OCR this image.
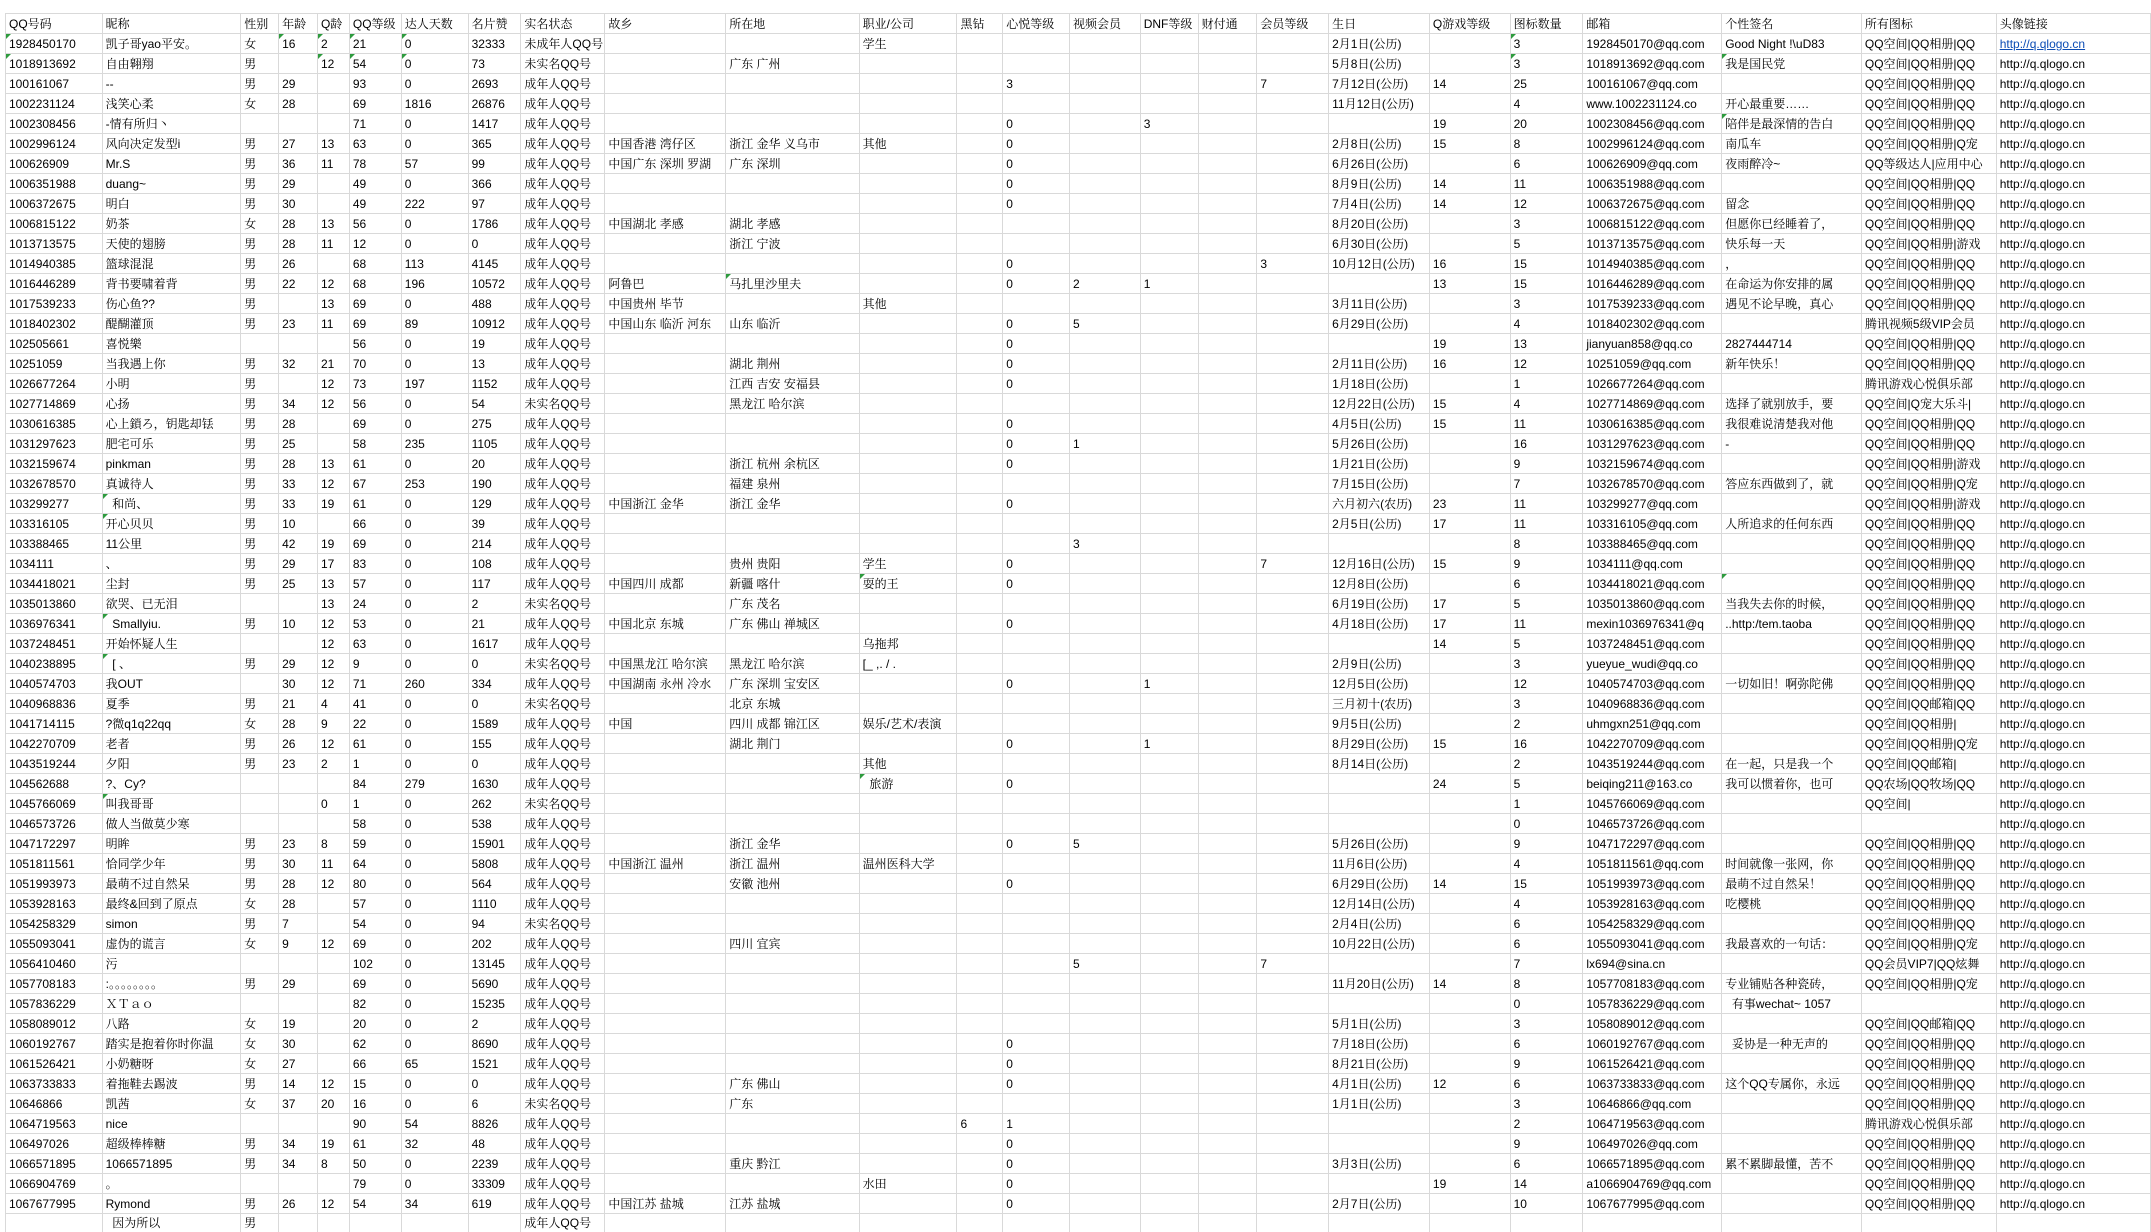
QQ号码	昵称	性别	年龄	Q龄	QQ等级	达人天数	名片赞	实名状态	故乡	所在地	职业/公司	黑钻	心悦等级	视频会员	DNF等级	财付通	会员等级	生日	Q游戏等级	图标数量	邮箱	个性签名	所有图标	头像链接
1928450170	凯子哥yao平安。	女	16	2	21	0	32333	未成年人QQ号			学生							2月1日(公历)		3	1928450170@qq.com	Good Night !\uD83	QQ空间|QQ相册|QQ	http://q.qlogo.cn
1018913692	自由翱翔	男		12	54	0	73	未实名QQ号		广东 广州								5月8日(公历)		3	1018913692@qq.com	我是国民党	QQ空间|QQ相册|QQ	http://q.qlogo.cn
100161067	--	男	29		93	0	2693	成年人QQ号					3				7	7月12日(公历)	14	25	100161067@qq.com		QQ空间|QQ相册|QQ	http://q.qlogo.cn
1002231124	浅笑心柔	女	28		69	1816	26876	成年人QQ号										11月12日(公历)		4	www.1002231124.co	开心最重要……	QQ空间|QQ相册|QQ	http://q.qlogo.cn
1002308456	-情有所归丶				71	0	1417	成年人QQ号					0		3				19	20	1002308456@qq.com	陪伴是最深情的告白	QQ空间|QQ相册|QQ	http://q.qlogo.cn
1002996124	风向决定发型i	男	27	13	63	0	365	成年人QQ号	中国香港 湾仔区	浙江 金华 义乌市	其他		0					2月8日(公历)	15	8	1002996124@qq.com	南瓜车	QQ空间|QQ相册|Q宠	http://q.qlogo.cn
100626909	Mr.S	男	36	11	78	57	99	成年人QQ号	中国广东 深圳 罗湖	广东 深圳			0					6月26日(公历)		6	100626909@qq.com	夜雨醉冷~	QQ等级达人|应用中心	http://q.qlogo.cn
1006351988	duang~	男	29		49	0	366	成年人QQ号					0					8月9日(公历)	14	11	1006351988@qq.com		QQ空间|QQ相册|QQ	http://q.qlogo.cn
1006372675	明白	男	30		49	222	97	成年人QQ号					0					7月4日(公历)	14	12	1006372675@qq.com	留念	QQ空间|QQ相册|QQ	http://q.qlogo.cn
1006815122	奶茶	女	28	13	56	0	1786	成年人QQ号	中国湖北 孝感	湖北 孝感								8月20日(公历)		3	1006815122@qq.com	但愿你已经睡着了，	QQ空间|QQ相册|QQ	http://q.qlogo.cn
1013713575	天使的翅膀	男	28	11	12	0	0	成年人QQ号		浙江 宁波								6月30日(公历)		5	1013713575@qq.com	快乐每一天	QQ空间|QQ相册|游戏	http://q.qlogo.cn
1014940385	篮球混混	男	26		68	113	4145	成年人QQ号					0				3	10月12日(公历)	16	15	1014940385@qq.com	，	QQ空间|QQ相册|QQ	http://q.qlogo.cn
1016446289	背书要啸着背	男	22	12	68	196	10572	成年人QQ号	阿鲁巴	马扎里沙里夫			0	2	1				13	15	1016446289@qq.com	在命运为你安排的属	QQ空间|QQ相册|QQ	http://q.qlogo.cn
1017539233	伤心鱼??	男		13	69	0	488	成年人QQ号	中国贵州 毕节		其他							3月11日(公历)		3	1017539233@qq.com	遇见不论早晚，真心	QQ空间|QQ相册|QQ	http://q.qlogo.cn
1018402302	醍醐灌顶	男	23	11	69	89	10912	成年人QQ号	中国山东 临沂 河东	山东 临沂			0	5				6月29日(公历)		4	1018402302@qq.com		腾讯视频5级VIP会员	http://q.qlogo.cn
102505661	喜悦樂				56	0	19	成年人QQ号					0						19	13	jianyuan858@qq.co	2827444714	QQ空间|QQ相册|QQ	http://q.qlogo.cn
10251059	当我遇上你	男	32	21	70	0	13	成年人QQ号		湖北 荆州			0					2月11日(公历)	16	12	10251059@qq.com	新年快乐！	QQ空间|QQ相册|QQ	http://q.qlogo.cn
1026677264	小明	男		12	73	197	1152	成年人QQ号		江西 吉安 安福县			0					1月18日(公历)		1	1026677264@qq.com		腾讯游戏心悦俱乐部	http://q.qlogo.cn
1027714869	心扬	男	34	12	56	0	54	未实名QQ号		黑龙江 哈尔滨								12月22日(公历)	15	4	1027714869@qq.com	选择了就别放手，要	QQ空间|Q宠大乐斗|	http://q.qlogo.cn
1030616385	心上鎖ろ，钥匙却铥	男	28		69	0	275	成年人QQ号					0					4月5日(公历)	15	11	1030616385@qq.com	我很难说清楚我对他	QQ空间|QQ相册|QQ	http://q.qlogo.cn
1031297623	肥宅可乐	男	25		58	235	1105	成年人QQ号					0	1				5月26日(公历)		16	1031297623@qq.com	-	QQ空间|QQ相册|QQ	http://q.qlogo.cn
1032159674	pinkman	男	28	13	61	0	20	成年人QQ号		浙江 杭州 余杭区			0					1月21日(公历)		9	1032159674@qq.com		QQ空间|QQ相册|游戏	http://q.qlogo.cn
1032678570	真诚待人	男	33	12	67	253	190	成年人QQ号		福建 泉州								7月15日(公历)		7	1032678570@qq.com	答应东西做到了，就	QQ空间|QQ相册|Q宠	http://q.qlogo.cn
103299277	和尚、	男	33	19	61	0	129	成年人QQ号	中国浙江 金华	浙江 金华			0					六月初六(农历)	23	11	103299277@qq.com		QQ空间|QQ相册|游戏	http://q.qlogo.cn
103316105	开心贝贝	男	10		66	0	39	成年人QQ号										2月5日(公历)	17	11	103316105@qq.com	人所追求的任何东西	QQ空间|QQ相册|QQ	http://q.qlogo.cn
103388465	11公里	男	42	19	69	0	214	成年人QQ号						3						8	103388465@qq.com		QQ空间|QQ相册|QQ	http://q.qlogo.cn
1034111	、	男	29	17	83	0	108	成年人QQ号		贵州 贵阳	学生		0				7	12月16日(公历)	15	9	1034111@qq.com		QQ空间|QQ相册|QQ	http://q.qlogo.cn
1034418021	尘封	男	25	13	57	0	117	成年人QQ号	中国四川 成都	新疆 喀什	耍的王		0					12月8日(公历)		6	1034418021@qq.com		QQ空间|QQ相册|QQ	http://q.qlogo.cn
1035013860	欲哭、已无泪			13	24	0	2	未实名QQ号		广东 茂名								6月19日(公历)	17	5	1035013860@qq.com	当我失去你的时候，	QQ空间|QQ相册|QQ	http://q.qlogo.cn
1036976341	Smallyiu.	男	10	12	53	0	21	成年人QQ号	中国北京 东城	广东 佛山 禅城区			0					4月18日(公历)	17	11	mexin1036976341@q	..http:/tem.taoba	QQ空间|QQ相册|QQ	http://q.qlogo.cn
1037248451	开始怀疑人生			12	63	0	1617	成年人QQ号			乌拖邦								14	5	1037248451@qq.com		QQ空间|QQ相册|QQ	http://q.qlogo.cn
1040238895	[ 、	男	29	12	9	0	0	未实名QQ号	中国黑龙江 哈尔滨	黑龙江 哈尔滨	[_ ,. / .							2月9日(公历)		3	yueyue_wudi@qq.co		QQ空间|QQ相册|QQ	http://q.qlogo.cn
1040574703	我OUT		30	12	71	260	334	成年人QQ号	中国湖南 永州 冷水	广东 深圳 宝安区			0		1			12月5日(公历)		12	1040574703@qq.com	一切如旧！啊弥陀佛	QQ空间|QQ相册|QQ	http://q.qlogo.cn
1040968836	夏季	男	21	4	41	0	0	未实名QQ号		北京 东城								三月初十(农历)		3	1040968836@qq.com		QQ空间|QQ邮箱|QQ	http://q.qlogo.cn
1041714115	?微q1q22qq	女	28	9	22	0	1589	成年人QQ号	中国	四川 成都 锦江区	娱乐/艺术/表演							9月5日(公历)		2	uhmgxn251@qq.com		QQ空间|QQ相册|	http://q.qlogo.cn
1042270709	老者	男	26	12	61	0	155	成年人QQ号		湖北 荆门			0		1			8月29日(公历)	15	16	1042270709@qq.com		QQ空间|QQ相册|Q宠	http://q.qlogo.cn
1043519244	夕阳	男	23	2	1	0	0	成年人QQ号			其他							8月14日(公历)		2	1043519244@qq.com	在一起，只是我一个	QQ空间|QQ邮箱|	http://q.qlogo.cn
104562688	?、Cy?				84	279	1630	成年人QQ号			旅游		0						24	5	beiqing211@163.co	我可以惯着你，也可	QQ农场|QQ牧场|QQ	http://q.qlogo.cn
1045766069	叫我哥哥			0	1	0	262	未实名QQ号												1	1045766069@qq.com		QQ空间|	http://q.qlogo.cn
1046573726	做人当做莫少寒				58	0	538	成年人QQ号												0	1046573726@qq.com			http://q.qlogo.cn
1047172297	明眸	男	23	8	59	0	15901	成年人QQ号		浙江 金华			0	5				5月26日(公历)		9	1047172297@qq.com		QQ空间|QQ相册|QQ	http://q.qlogo.cn
1051811561	恰同学少年	男	30	11	64	0	5808	成年人QQ号	中国浙江 温州	浙江 温州	温州医科大学							11月6日(公历)		4	1051811561@qq.com	时间就像一张网，你	QQ空间|QQ相册|QQ	http://q.qlogo.cn
1051993973	最萌不过自然呆	男	28	12	80	0	564	成年人QQ号		安徽 池州			0					6月29日(公历)	14	15	1051993973@qq.com	最萌不过自然呆！	QQ空间|QQ相册|QQ	http://q.qlogo.cn
1053928163	最终&回到了原点	女	28		57	0	1110	成年人QQ号										12月14日(公历)		4	1053928163@qq.com	吃樱桃	QQ空间|QQ相册|QQ	http://q.qlogo.cn
1054258329	simon	男	7		54	0	94	未实名QQ号										2月4日(公历)		6	1054258329@qq.com		QQ空间|QQ相册|QQ	http://q.qlogo.cn
1055093041	虚伪的谎言	女	9	12	69	0	202	成年人QQ号		四川 宜宾								10月22日(公历)		6	1055093041@qq.com	我最喜欢的一句话：	QQ空间|QQ相册|Q宠	http://q.qlogo.cn
1056410460	污				102	0	13145	成年人QQ号						5			7			7	lx694@sina.cn		QQ会员VIP7|QQ炫舞	http://q.qlogo.cn
1057708183	:。。。。。。。。	男	29		69	0	5690	成年人QQ号										11月20日(公历)	14	8	1057708183@qq.com	专业铺贴各种瓷砖，	QQ空间|QQ相册|Q宠	http://q.qlogo.cn
1057836229	ＸＴａｏ				82	0	15235	成年人QQ号												0	1057836229@qq.com	有事wechat~ 1057		http://q.qlogo.cn
1058089012	八路	女	19		20	0	2	成年人QQ号										5月1日(公历)		3	1058089012@qq.com		QQ空间|QQ邮箱|QQ	http://q.qlogo.cn
1060192767	踏实是抱着你时你温	女	30		62	0	8690	成年人QQ号					0					7月18日(公历)		6	1060192767@qq.com	妥协是一种无声的	QQ空间|QQ相册|QQ	http://q.qlogo.cn
1061526421	小奶糖呀	女	27		66	65	1521	成年人QQ号					0					8月21日(公历)		9	1061526421@qq.com		QQ空间|QQ相册|QQ	http://q.qlogo.cn
1063733833	着拖鞋去踢波	男	14	12	15	0	0	成年人QQ号		广东 佛山			0					4月1日(公历)	12	6	1063733833@qq.com	这个QQ专属你，永远	QQ空间|QQ相册|QQ	http://q.qlogo.cn
10646866	凯茜	女	37	20	16	0	6	未实名QQ号		广东								1月1日(公历)		3	10646866@qq.com		QQ空间|QQ相册|QQ	http://q.qlogo.cn
1064719563	nice				90	54	8826	成年人QQ号				6	1							2	1064719563@qq.com		腾讯游戏心悦俱乐部	http://q.qlogo.cn
106497026	超级棒棒糖	男	34	19	61	32	48	成年人QQ号					0							9	106497026@qq.com		QQ空间|QQ相册|QQ	http://q.qlogo.cn
1066571895	1066571895	男	34	8	50	0	2239	成年人QQ号		重庆 黔江			0					3月3日(公历)		6	1066571895@qq.com	累不累脚最懂，苦不	QQ空间|QQ相册|QQ	http://q.qlogo.cn
1066904769	。				79	0	33309	成年人QQ号			水田		0						19	14	a1066904769@qq.com		QQ空间|QQ相册|QQ	http://q.qlogo.cn
1067677995	Rymond	男	26	12	54	34	619	成年人QQ号	中国江苏 盐城	江苏 盐城			0					2月7日(公历)		10	1067677995@qq.com		QQ空间|QQ相册|QQ	http://q.qlogo.cn
	因为所以	男						成年人QQ号																
